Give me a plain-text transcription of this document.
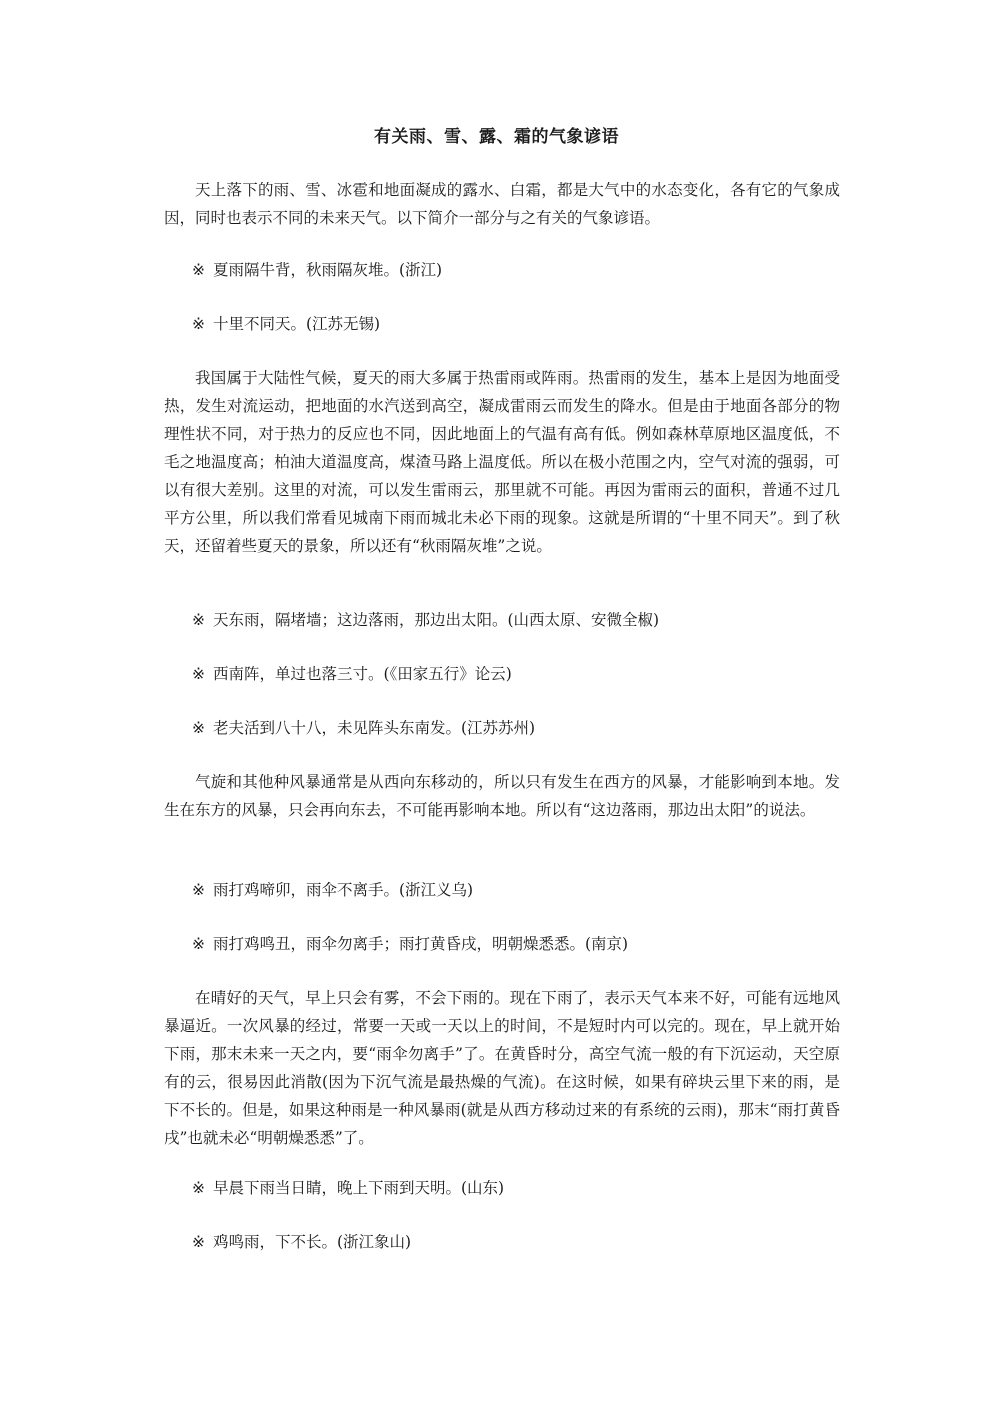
有关雨、雪、露、霜的气象谚语

天上落下的雨、雪、冰雹和地面凝成的露水、白霜，都是大气中的水态变化，各有它的气象成因，同时也表示不同的未来天气。以下简介一部分与之有关的气象谚语。

※ 夏雨隔牛背，秋雨隔灰堆。(浙江)

※ 十里不同天。(江苏无锡)

我国属于大陆性气候，夏天的雨大多属于热雷雨或阵雨。热雷雨的发生，基本上是因为地面受热，发生对流运动，把地面的水汽送到高空，凝成雷雨云而发生的降水。但是由于地面各部分的物理性状不同，对于热力的反应也不同，因此地面上的气温有高有低。例如森林草原地区温度低，不毛之地温度高；柏油大道温度高，煤渣马路上温度低。所以在极小范围之内，空气对流的强弱，可以有很大差别。这里的对流，可以发生雷雨云，那里就不可能。再因为雷雨云的面积，普通不过几平方公里，所以我们常看见城南下雨而城北未必下雨的现象。这就是所谓的“十里不同天”。到了秋天，还留着些夏天的景象，所以还有“秋雨隔灰堆”之说。

※ 天东雨，隔堵墙；这边落雨，那边出太阳。(山西太原、安微全椒)

※ 西南阵，单过也落三寸。(《田家五行》论云)

※ 老夫活到八十八，未见阵头东南发。(江苏苏州)

气旋和其他种风暴通常是从西向东移动的，所以只有发生在西方的风暴，才能影响到本地。发生在东方的风暴，只会再向东去，不可能再影响本地。所以有“这边落雨，那边出太阳”的说法。

※ 雨打鸡啼卯，雨伞不离手。(浙江义乌)

※ 雨打鸡鸣丑，雨伞勿离手；雨打黄昏戌，明朝燥悉悉。(南京)

在晴好的天气，早上只会有雾，不会下雨的。现在下雨了，表示天气本来不好，可能有远地风暴逼近。一次风暴的经过，常要一天或一天以上的时间，不是短时内可以完的。现在，早上就开始下雨，那末未来一天之内，要“雨伞勿离手”了。在黄昏时分，高空气流一般的有下沉运动，天空原有的云，很易因此消散(因为下沉气流是最热燥的气流)。在这时候，如果有碎块云里下来的雨，是下不长的。但是，如果这种雨是一种风暴雨(就是从西方移动过来的有系统的云雨)，那末“雨打黄昏戌”也就未必“明朝燥悉悉”了。

※ 早晨下雨当日睛，晚上下雨到天明。(山东)

※ 鸡鸣雨，下不长。(浙江象山)
